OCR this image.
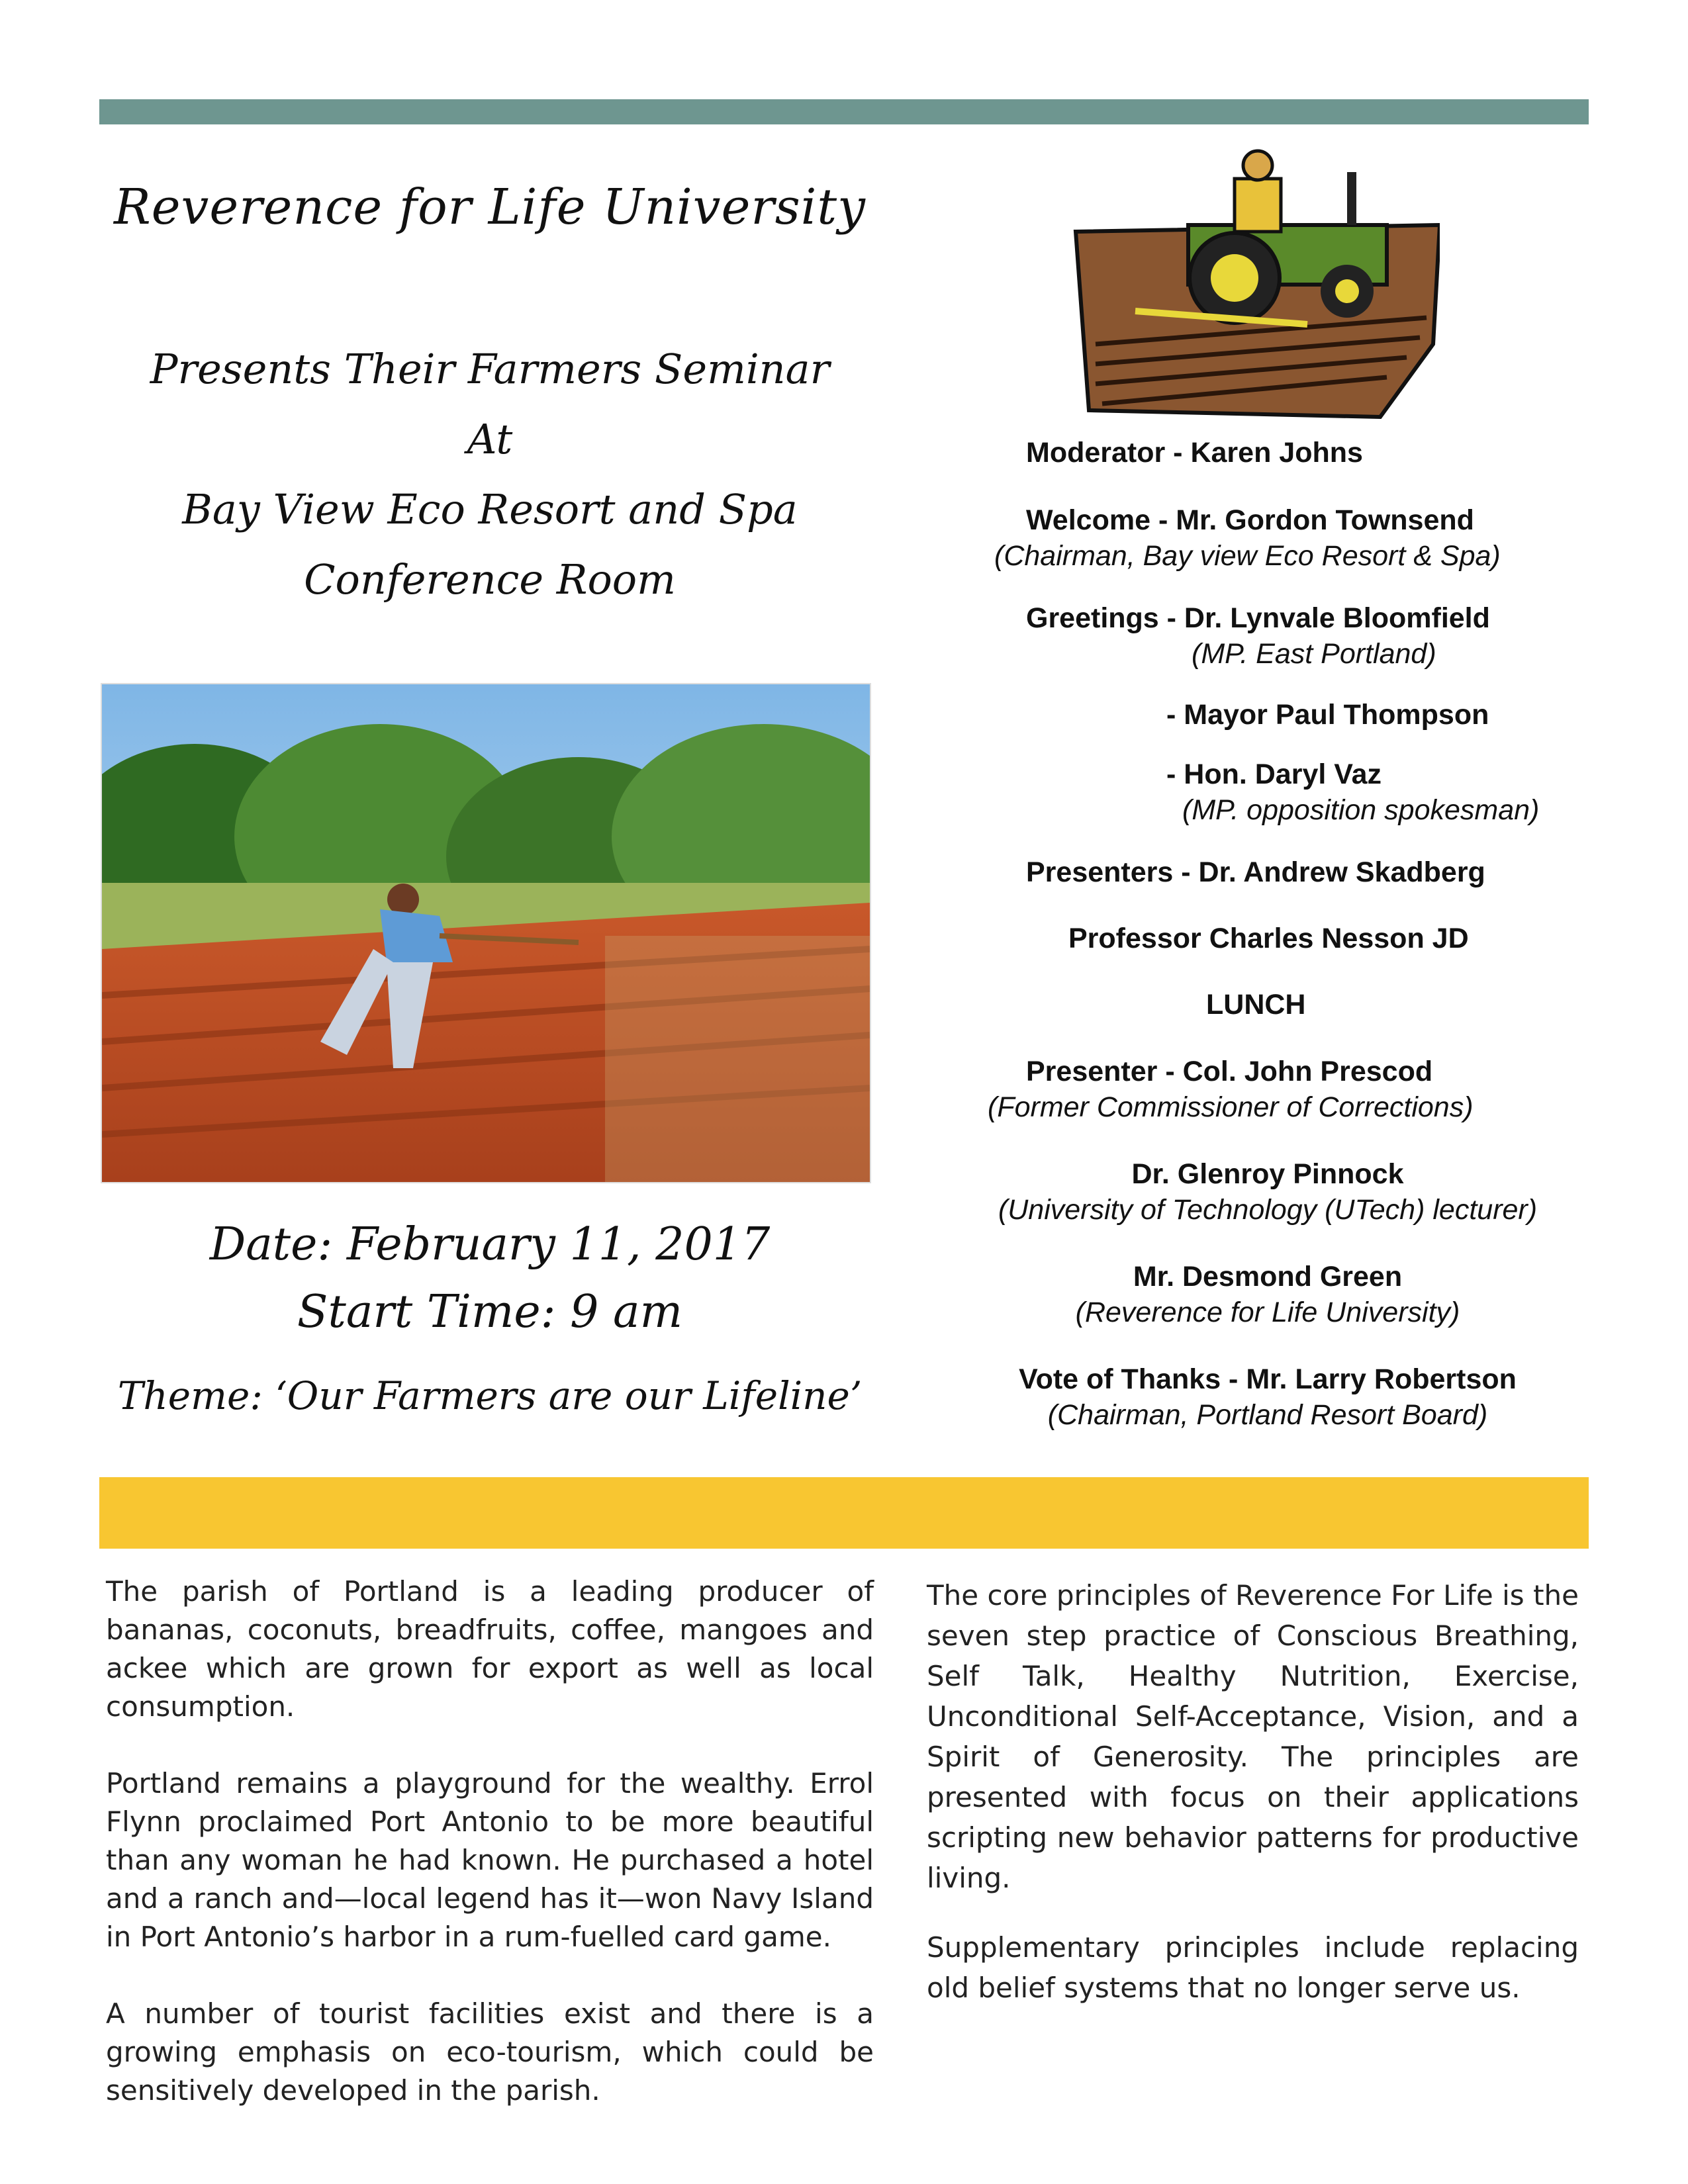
Reverence for Life University
Presents Their Farmers Seminar
At
Bay View Eco Resort and Spa
Conference Room
Date: February 11, 2017
Start Time: 9 am
Theme: ‘Our Farmers are our Lifeline’
Moderator - Karen Johns
Welcome - Mr. Gordon Townsend
(Chairman, Bay view Eco Resort & Spa)
Greetings - Dr. Lynvale Bloomfield
(MP. East Portland)
- Mayor Paul Thompson
- Hon. Daryl Vaz
(MP. opposition spokesman)
Presenters - Dr. Andrew Skadberg
Professor Charles Nesson JD
LUNCH
Presenter - Col. John Prescod
(Former Commissioner of Corrections)
Dr. Glenroy Pinnock
(University of Technology (UTech) lecturer)
Mr. Desmond Green
(Reverence for Life University)
Vote of Thanks - Mr. Larry Robertson
(Chairman, Portland Resort Board)

The parish of Portland is a leading producer of bananas, coconuts, breadfruits, coffee, mangoes and ackee which are grown for export as well as local consumption.

Portland remains a playground for the wealthy. Errol Flynn proclaimed Port Antonio to be more beautiful than any woman he had known. He purchased a hotel and a ranch and—local legend has it—won Navy Island in Port Antonio’s harbor in a rum-fuelled card game.

A number of tourist facilities exist and there is a growing emphasis on eco-tourism, which could be sensitively developed in the parish.

The core principles of Reverence For Life is the seven step practice of Conscious Breathing, Self Talk, Healthy Nutrition, Exercise, Unconditional Self-Acceptance, Vision, and a Spirit of Generosity. The principles are presented with focus on their applications scripting new behavior patterns for productive living.

Supplementary principles include replacing old belief systems that no longer serve us.
